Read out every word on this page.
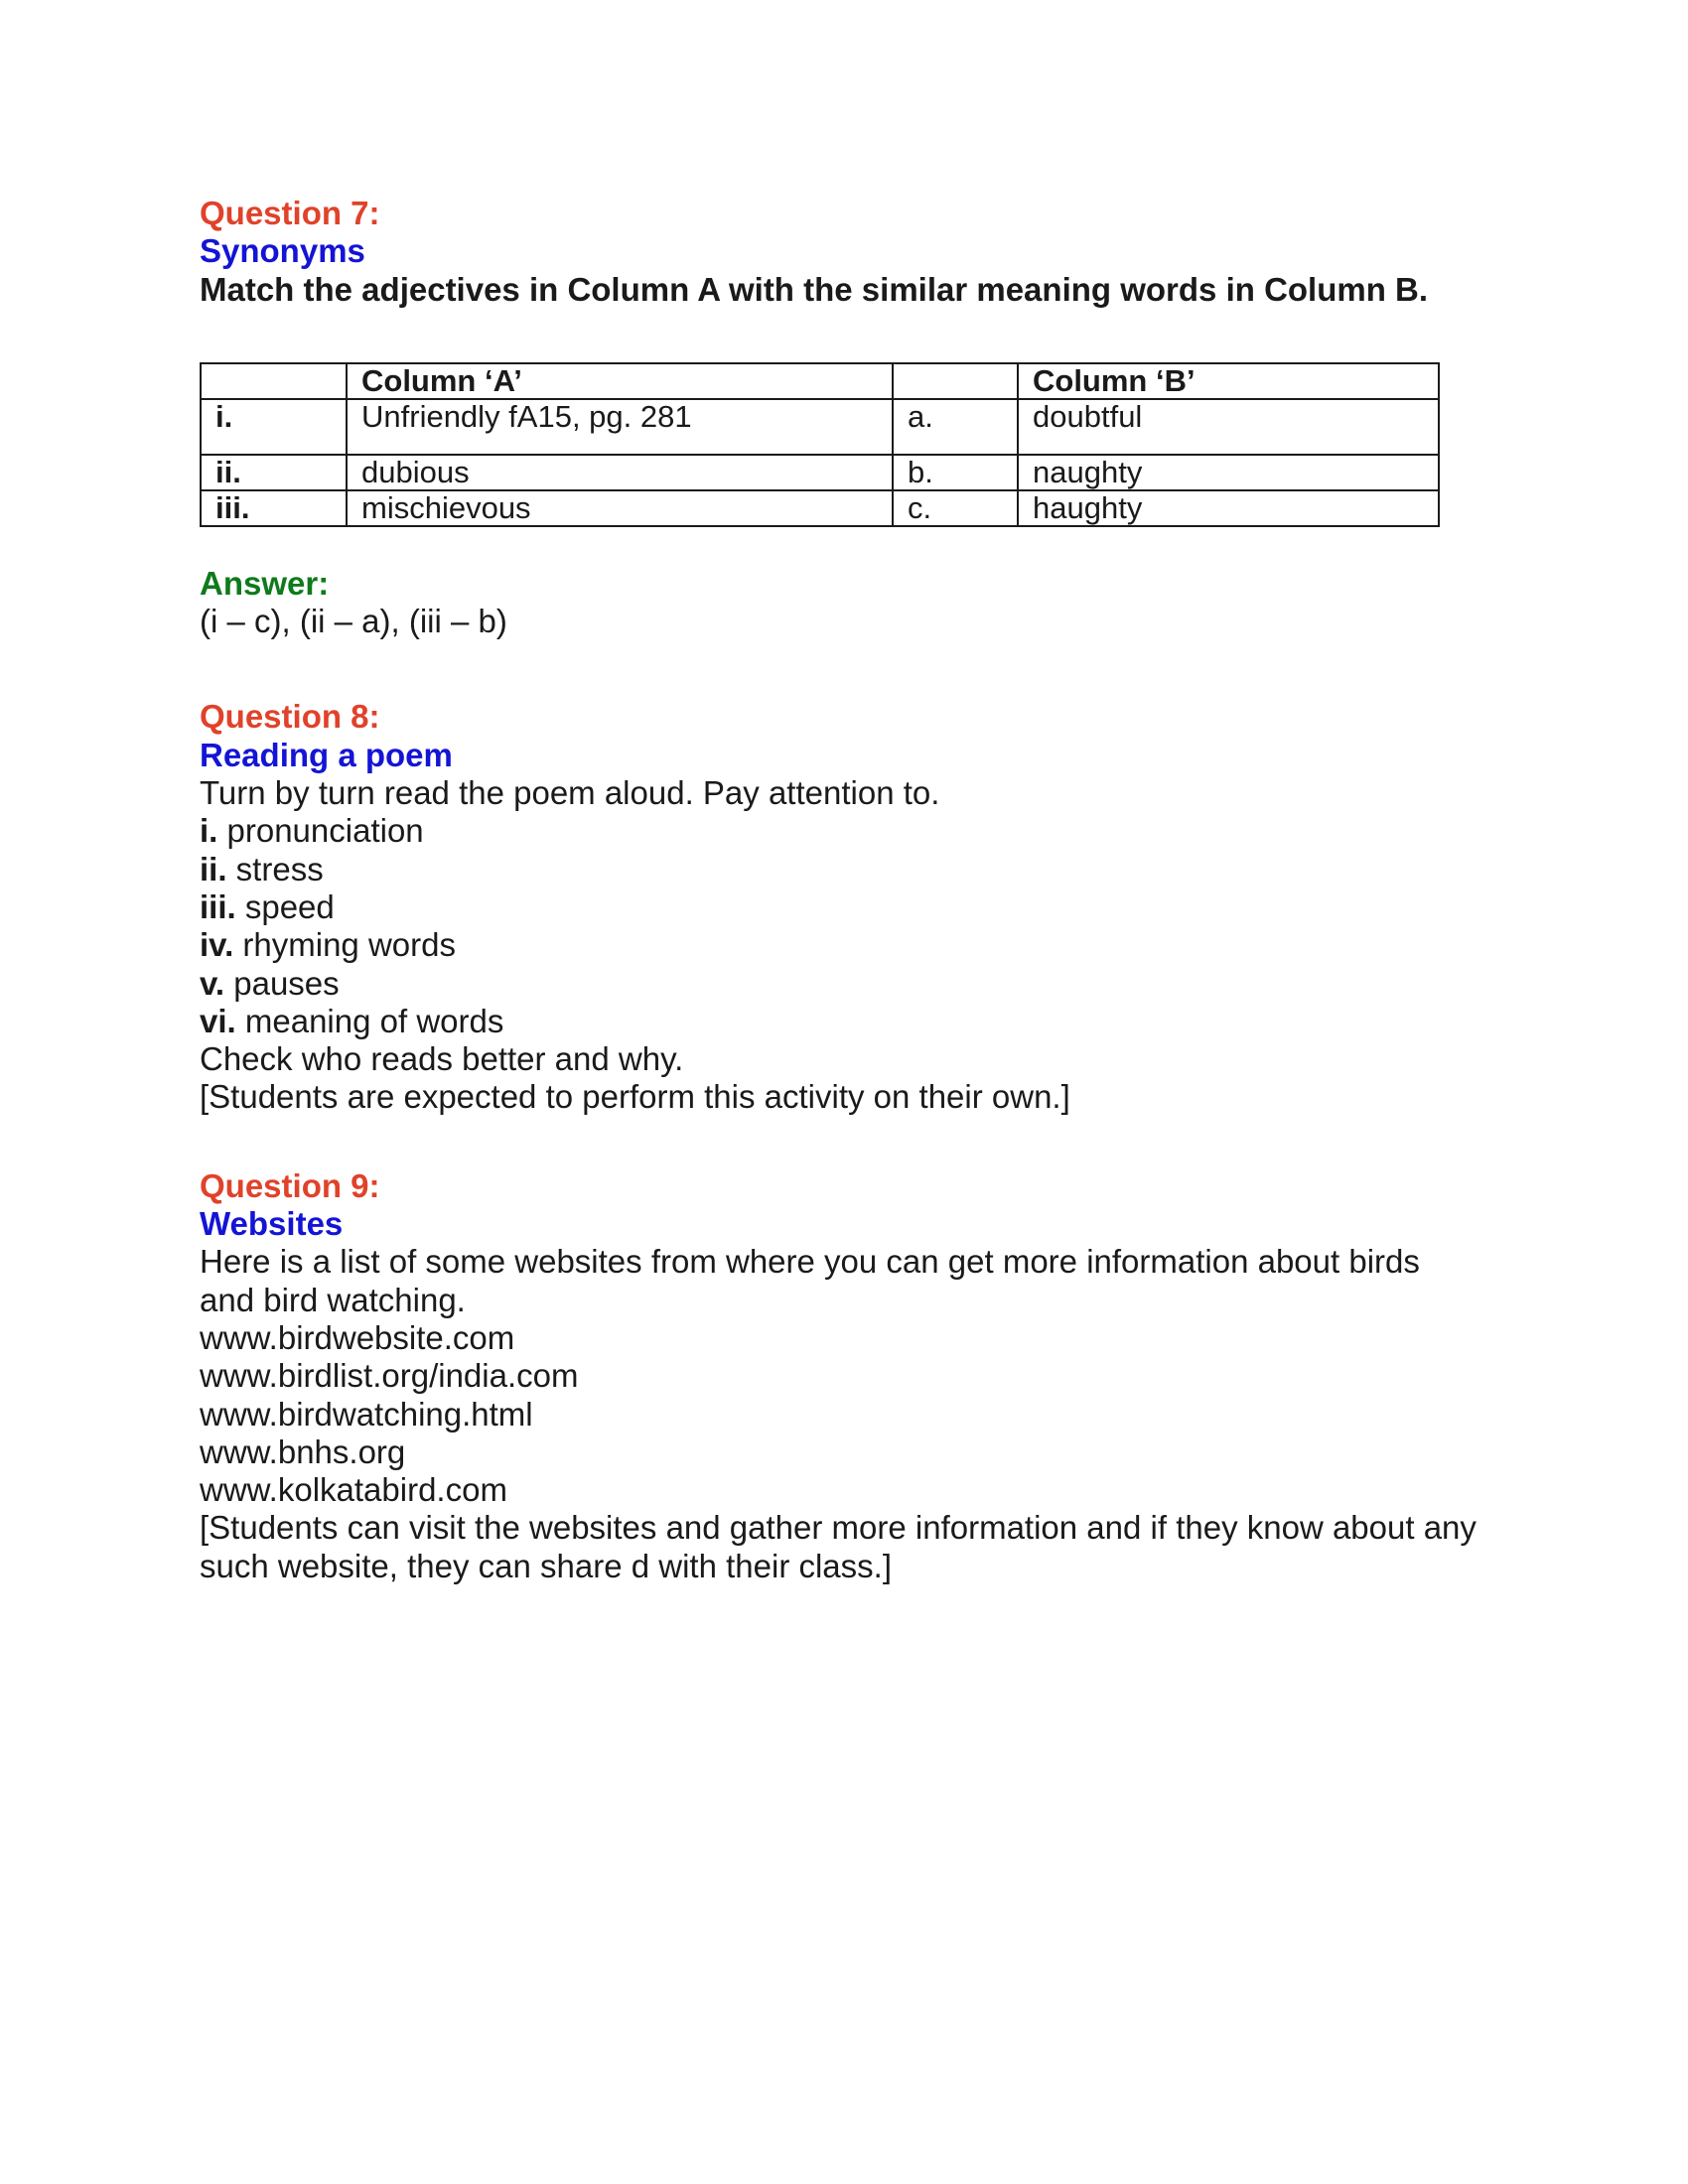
Question 7:
Synonyms
Match the adjectives in Column A with the similar meaning words in Column B.
	Column ‘A’		Column ‘B’
i.	Unfriendly fA15, pg. 281	a.	doubtful
ii.	dubious	b.	naughty
iii.	mischievous	c.	haughty
Answer:
(i – c), (ii – a), (iii – b)
Question 8:
Reading a poem
Turn by turn read the poem aloud. Pay attention to.
i. pronunciation
ii. stress
iii. speed
iv. rhyming words
v. pauses
vi. meaning of words
Check who reads better and why.
[Students are expected to perform this activity on their own.]
Question 9:
Websites
Here is a list of some websites from where you can get more information about birds
and bird watching.
www.birdwebsite.com
www.birdlist.org/india.com
www.birdwatching.html
www.bnhs.org
www.kolkatabird.com
[Students can visit the websites and gather more information and if they know about any
such website, they can share d with their class.]
